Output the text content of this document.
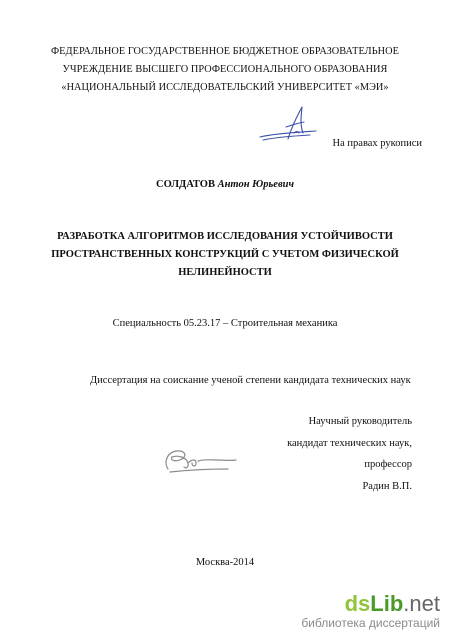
ФЕДЕРАЛЬНОЕ ГОСУДАРСТВЕННОЕ БЮДЖЕТНОЕ ОБРАЗОВАТЕЛЬНОЕ
УЧРЕЖДЕНИЕ ВЫСШЕГО ПРОФЕССИОНАЛЬНОГО ОБРАЗОВАНИЯ
«НАЦИОНАЛЬНЫЙ ИССЛЕДОВАТЕЛЬСКИЙ УНИВЕРСИТЕТ «МЭИ»
На правах рукописи
СОЛДАТОВ Антон Юрьевич
РАЗРАБОТКА АЛГОРИТМОВ ИССЛЕДОВАНИЯ УСТОЙЧИВОСТИ
ПРОСТРАНСТВЕННЫХ КОНСТРУКЦИЙ С УЧЕТОМ ФИЗИЧЕСКОЙ
НЕЛИНЕЙНОСТИ
Специальность 05.23.17 – Строительная механика
Диссертация на соискание ученой степени кандидата технических наук
Научный руководитель
кандидат технических наук,
профессор
Радин В.П.
Москва-2014
dsLib.net
библиотека диссертаций
